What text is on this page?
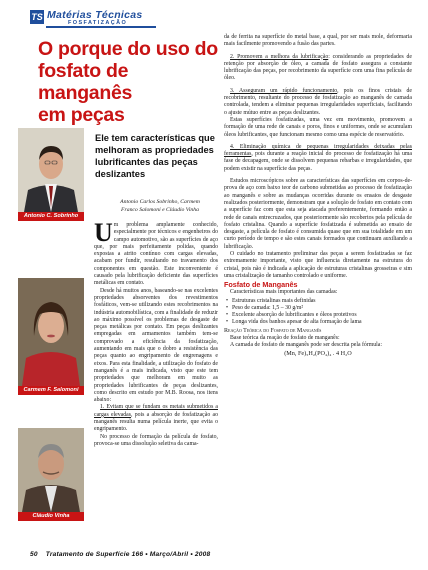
TS Matérias Técnicas
FOSFATIZAÇÃO
O porque do uso do
fosfato de manganês
em peças
Antonio C. Sobrinho
Carmem F. Salomoni
Cláudio Vinha
Ele tem características que melhoram as propriedades lubrificantes das peças deslizantes
Antonio Carlos Sobrinho, Carmem
Franco Salomoni e Cláudio Vinha

Um problema amplamente conhecido, especialmente por técnicos e engenheiros do campo automotivo, são as superfícies de aço que, por mais perfeitamente polidas, quando expostas a atrito contínuo com cargas elevadas, acabam por fundir, resultando no travamento dos componentes em questão. Este inconveniente é causado pela lubrificação deficiente das superfícies metálicas em contato.

Desde há muitos anos, baseando-se nas excelentes propriedades absorventes dos revestimentos fosfáticos, vem-se utilizando estes recobrimentos na indústria automobilística, com a finalidade de reduzir ao máximo possível os problemas de desgaste de peças metálicas por contato. Em peças deslizantes empregadas em armamentos também tem-se comprovado a eficiência da fosfatização, aumentando em mais que o dobro a resistência das peças quanto ao engripamento de engrenagens e eixos. Para esta finalidade, a utilização do fosfato de manganês é a mais indicada, visto que este tem propriedades que melhoram em muito as propriedades lubrificantes de peças deslizantes, como descrito em estudo por M.B. Roosa, nos itens abaixo:

1. Evitam que se fundam os metais submetidos a cargas elevadas, pois a absorção de fosfatização ao manganês resulta numa película inerte, que evita o engripamento.

No processo de formação da película de fosfato, provoca-se uma dissolução seletiva da cama-

da de ferrita na superfície do metal base, a qual, por ser mais mole, deformaria mais facilmente promovendo a fusão das partes.

2. Promovem a melhora da lubrificação: considerando as propriedades de retenção por absorção de óleo, a camada de fosfato assegura a constante lubrificação das peças, por recobrimento da superfície com uma fina película de óleo.

3. Asseguram um rápido funcionamento, pois os finos cristais de recobrimento, resultante do processo de fosfatização ao manganês de camada controlada, tendem a eliminar pequenas irregularidades superficiais, facilitando o ajuste mútuo entre as peças deslizantes.

Estas superfícies fosfatizadas, uma vez em movimento, promovem a formação de uma rede de canais e poros, finos e uniformes, onde se acumulam óleos lubrificantes, que funcionam mesmo como uma espécie de reservatório.

4. Eliminação química de pequenas irregularidades deixadas pelas ferramentas, pois durante a reação inicial do processo de fosfatização há uma fase de decapagem, onde se dissolvem pequenas rebarbas e irregularidades, que podem existir na superfície das peças.

Estudos microscópicos sobre as características das superfícies em corpos-de-prova de aço com baixo teor de carbono submetidas ao processo de fosfatização ao manganês e sobre as mudanças ocorridas durante os ensaios de desgaste realizados posteriormente, demonstram que a solução de fosfato em contato com a superfície faz com que esta seja atacada preferentemente, formando então a rede de canais entrecruzados, que posteriormente são recobertos pela película de fosfato cristalina. Quando a superfície fosfatizada é submetida ao ensaio de desgaste, a película de fosfato é consumida quase que em sua totalidade em um curto período de tempo e são estes canais formados que continuam auxiliando a lubrificação.

O cuidado no tratamento preliminar das peças a serem fosfatizadas se faz extremamente importante, visto que influencia diretamente na estrutura do cristal, pois não é indicada a aplicação de estruturas cristalinas grosseiras e sim uma cristalização de tamanho controlado e uniforme.

Fosfato de Manganês

Características mais importantes das camadas:

• Estruturas cristalinas mais definidas
• Peso de camada: 1,5 – 30 g/m²
• Excelente absorção de lubrificantes e óleos protetivos
• Longa vida dos banhos apesar de alta formação de lama

Reação Teórica do Fosfato de Manganês

Base teórica da reação de fosfato de manganês:

A camada de fosfato de manganês pode ser descrita pela fórmula:

(Mn, Fe)₅H₂(PO₄)₄ . 4 H₂O

50 Tratamento de Superfície 166 • Março/Abril • 2008
